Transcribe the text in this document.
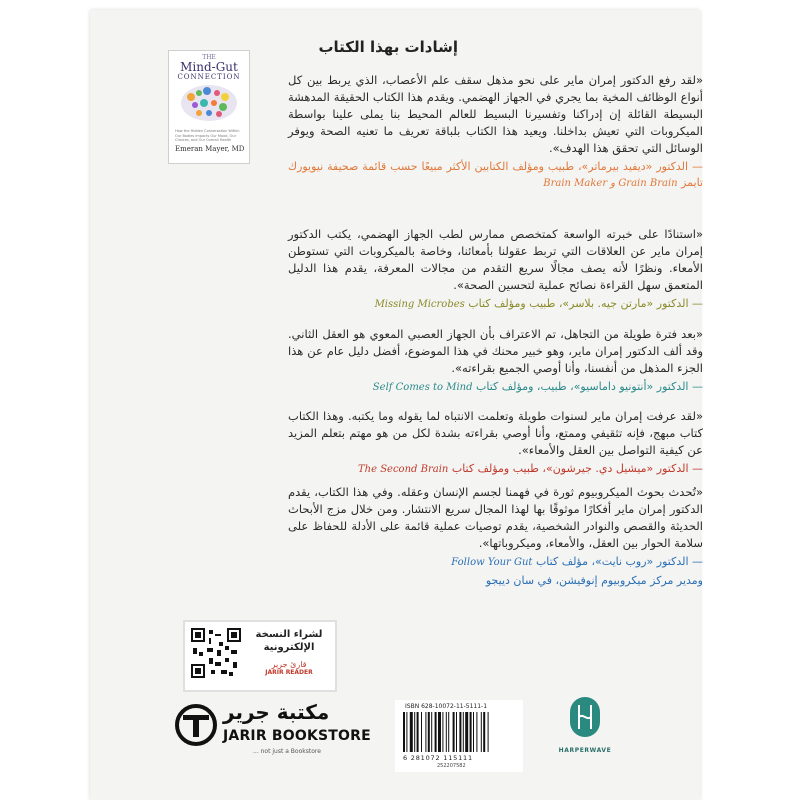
THE
Mind-Gut
CONNECTION
How the Hidden Conversation Within Our Bodies Impacts Our Mood, Our Choices, and Our Overall Health
Emeran Mayer, MD
إشادات بهذا الكتاب

«لقد رفع الدكتور إمران ماير على نحو مذهل سقف علم الأعصاب، الذي يربط بين كل أنواع الوظائف المخية بما يجري في الجهاز الهضمي. ويقدم هذا الكتاب الحقيقة المدهشة البسيطة القائلة إن إدراكنا وتفسيرنا البسيط للعالم المحيط بنا يملى علينا بواسطة الميكروبات التي تعيش بداخلنا. ويعيد هذا الكتاب بلباقة تعريف ما تعنيه الصحة ويوفر الوسائل التي تحقق هذا الهدف».

— الدكتور «ديفيد بيرماتر»، طبيب ومؤلف الكتابين الأكثر مبيعًا حسب قائمة صحيفة نيويورك تايمز Grain Brain و Brain Maker

«استنادًا على خبرته الواسعة كمتخصص ممارس لطب الجهاز الهضمي، يكتب الدكتور إمران ماير عن العلاقات التي تربط عقولنا بأمعائنا، وخاصة بالميكروبات التي تستوطن الأمعاء. ونظرًا لأنه يصف مجالًا سريع التقدم من مجالات المعرفة، يقدم هذا الدليل المتعمق سهل القراءة نصائح عملية لتحسين الصحة».

— الدكتور «مارتن جيه. بلاسر»، طبيب ومؤلف كتاب Missing Microbes

«بعد فترة طويلة من التجاهل، تم الاعتراف بأن الجهاز العصبي المعوي هو العقل الثاني. وقد ألف الدكتور إمران ماير، وهو خبير محنك في هذا الموضوع، أفضل دليل عام عن هذا الجزء المذهل من أنفسنا، وأنا أوصي الجميع بقراءته».

— الدكتور «أنتونيو داماسيو»، طبيب، ومؤلف كتاب Self Comes to Mind

«لقد عرفت إمران ماير لسنوات طويلة وتعلمت الانتباه لما يقوله وما يكتبه. وهذا الكتاب كتاب مبهج، فإنه تثقيفي وممتع، وأنا أوصي بقراءته بشدة لكل من هو مهتم بتعلم المزيد عن كيفية التواصل بين العقل والأمعاء».

— الدكتور «ميشيل دي. جيرشون»، طبيب ومؤلف كتاب The Second Brain

«تُحدث بحوث الميكروبيوم ثورة في فهمنا لجسم الإنسان وعقله. وفي هذا الكتاب، يقدم الدكتور إمران ماير أفكارًا موثوقًا بها لهذا المجال سريع الانتشار. ومن خلال مزج الأبحاث الحديثة والقصص والنوادر الشخصية، يقدم توصيات عملية قائمة على الأدلة للحفاظ على سلامة الحوار بين العقل، والأمعاء، وميكروباتها».

— الدكتور «روب نايت»، مؤلف كتاب Follow Your Gut

ومدير مركز ميكروبيوم إنوفيشن، في سان دييجو

لشراء النسخة
الإلكترونية
قارئ جرير
JARIR READER
مكتبة جرير
JARIR BOOKSTORE
... not just a Bookstore
ISBN 628-10072-11-5111-1
6 281072 115111
252207582
HARPERWAVE
